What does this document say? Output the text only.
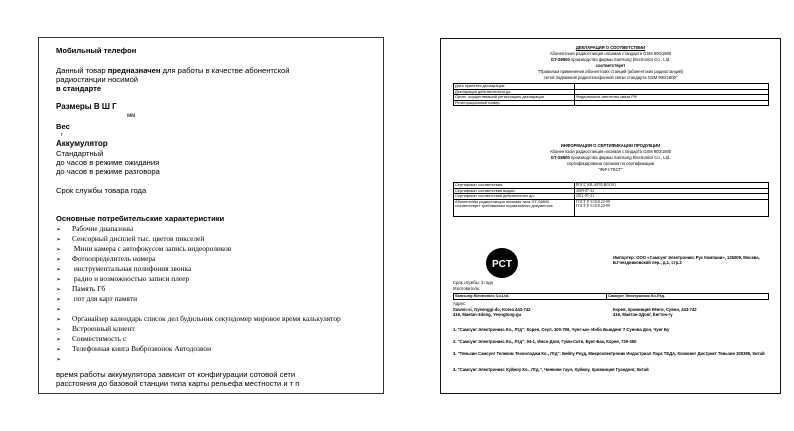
Мобильный телефон
Данный товар предназначен для работы в качестве абонентской
радиостанции носимой
в стандарте
Размеры В Ш Г
мм
Вес
г
Аккумулятор
Стандартный
до часов в режиме ожидания
до часов в режиме разговора
Срок службы товара года
Основные потребительские характеристики
➢ Рабочие диапазоны
➢ Сенсорный дисплей тыс. цветов пикселей
➢ Мини камера с автофокусом запись видеороликов
➢ Фотоопределитель номера
➢ инструментальная полифония звонка
➢ радио и возможностью записи плеер
➢ Память Гб
➢ пот для карт памяти
➢
➢ Органайзер календарь список дел будильник секундомер мировое время калькулятор
➢ Встроенный клиент
➢ Совместимость с
➢ Телефонная книга Виброзвонок Автодозвон
➢
время работы аккумулятора зависит от конфигурации сотовой сети
расстояния до базовой станции типа карты рельефа местности и т п
ДЕКЛАРАЦИЯ О СООТВЕТСТВИИ
Абонентская радиостанция носимая стандарта GSM 900/1800
GT-S8500 производства фирмы Samsung Electronics Co., Ltd.
соответствует
"Правилам применения абонентских станций (абонентских радиостанций)
сетей подвижной радиотелефонной связи стандарта GSM 900/1800"
Дата принятия декларации:	
Декларация действительна до:	
Орган, осуществивший регистрацию декларации	Федеральное агентство связи РФ
Регистрационный номер:	
ИНФОРМАЦИЯ О СЕРТИФИКАЦИИ ПРОДУКЦИИ
Абонентская радиостанция носимая стандарта GSM 900/1800
GT-S8500 производства фирмы Samsung Electronics Co., Ltd.
сертифицирована органом по сертификации
"ФИЧ-ТЕСТ"
Сертификат соответствия:	РОСС KR.AE95.H01191
Сертификат соответствия выдан:	2009-07-22
Сертификат соответствия действителен до:	2011-07-21
Абонентская радиостанция носимая типа GT-S8500 соответствует требованиям нормативных документов:	ГОСТ Р 51318.22-99
ГОСТ Р 51318.24-99
PCT
Импортер: ООО «Самсунг Электроникс Рус Компани», 125009, Москва, Б.Гнездниковский пер., д.1, стр.2
Срок службы: 3 года
Изготовитель:
Samsung Electronics Co.Ltd.	Самсунг Электроникс Ко.Лтд.
Адрес:
Suwon-si, Gyeonggi-do, Korea 443-742
416, Maetan-3dong, Yeongtong-gu
Корея, провинция Кёнги, Сувон, 443-742
416, Маетан-3Донг, Ёнгтон-гу
1. "Самсунг Электроникс Ко., Лтд": Корея, Сеул, 100-759, Чунг-ыи- Инбо Бьюдинг 7 Сунова Дон, Чунг Бу
2. "Самсунг Электроникс Ко., Лтд": 94-1, Имсо-Донг, Гуми-Сити, Бунг-Бак, Корея, 730-350
3. "Тяньзин Самсунг Телеком Технолоджи Ко., Лтд": Бейпу Роуд, Микроэлектроник Индастриал Парк ТЕДА, Ксиковнг Дистрикт Тяньзин 300385, Китай
4. "Самсунг Электроникс Хуйжоу Ко., Лтд.", Чинкнеи таун, Хуйжоу, провинция Гуандонг, Китай
